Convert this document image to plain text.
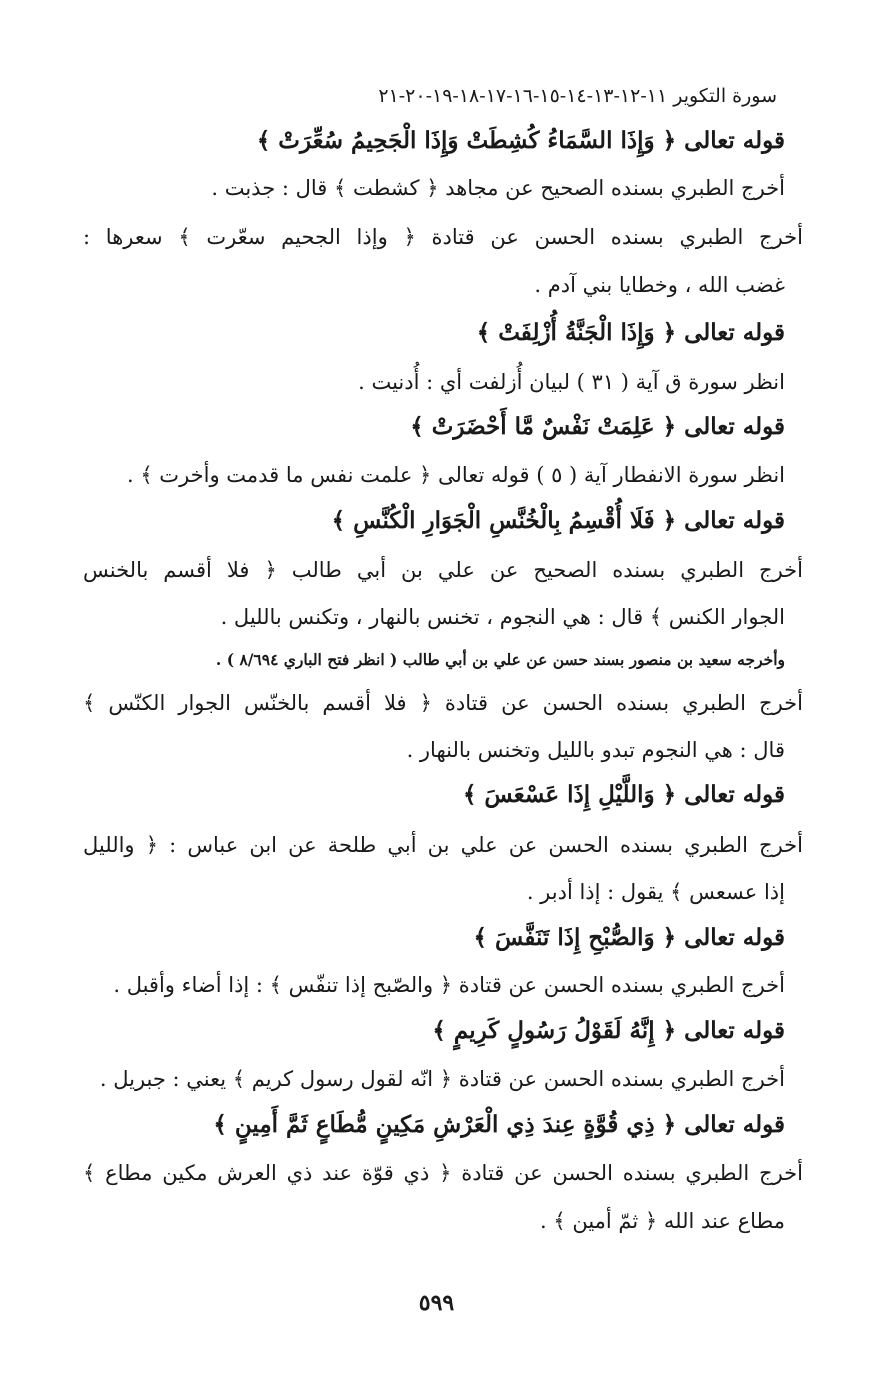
سورة التكوير ١١-١٢-١٣-١٤-١٥-١٦-١٧-١٨-١٩-٢٠-٢١
قوله تعالى ﴿ وَإِذَا السَّمَاءُ كُشِطَتْ وَإِذَا الْجَحِيمُ سُعِّرَتْ ﴾
أخرج الطبري بسنده الصحيح عن مجاهد ﴿ كشطت ﴾ قال : جذبت .
أخرج الطبري بسنده الحسن عن قتادة ﴿ وإذا الجحيم سعّرت ﴾ سعرها :
غضب الله ، وخطايا بني آدم .
قوله تعالى ﴿ وَإِذَا الْجَنَّةُ أُزْلِفَتْ ﴾
انظر سورة ق آية ( ٣١ ) لبيان أُزلفت أي : أُدنيت .
قوله تعالى ﴿ عَلِمَتْ نَفْسٌ مَّا أَحْضَرَتْ ﴾
انظر سورة الانفطار آية ( ٥ ) قوله تعالى ﴿ علمت نفس ما قدمت وأخرت ﴾ .
قوله تعالى ﴿ فَلَا أُقْسِمُ بِالْخُنَّسِ الْجَوَارِ الْكُنَّسِ ﴾
أخرج الطبري بسنده الصحيح عن علي بن أبي طالب ﴿ فلا أقسم بالخنس
الجوار الكنس ﴾ قال : هي النجوم ، تخنس بالنهار ، وتكنس بالليل .
وأخرجه سعيد بن منصور بسند حسن عن علي بن أبي طالب ( انظر فتح الباري ٨/٦٩٤ ) .
أخرج الطبري بسنده الحسن عن قتادة ﴿ فلا أقسم بالخنّس الجوار الكنّس ﴾
قال : هي النجوم تبدو بالليل وتخنس بالنهار .
قوله تعالى ﴿ وَاللَّيْلِ إِذَا عَسْعَسَ ﴾
أخرج الطبري بسنده الحسن عن علي بن أبي طلحة عن ابن عباس : ﴿ والليل
إذا عسعس ﴾ يقول : إذا أدبر .
قوله تعالى ﴿ وَالصُّبْحِ إِذَا تَنَفَّسَ ﴾
أخرج الطبري بسنده الحسن عن قتادة ﴿ والصّبح إذا تنفّس ﴾ : إذا أضاء وأقبل .
قوله تعالى ﴿ إِنَّهُ لَقَوْلُ رَسُولٍ كَرِيمٍ ﴾
أخرج الطبري بسنده الحسن عن قتادة ﴿ انّه لقول رسول كريم ﴾ يعني : جبريل .
قوله تعالى ﴿ ذِي قُوَّةٍ عِندَ ذِي الْعَرْشِ مَكِينٍ مُّطَاعٍ ثَمَّ أَمِينٍ ﴾
أخرج الطبري بسنده الحسن عن قتادة ﴿ ذي قوّة عند ذي العرش مكين مطاع ﴾
مطاع عند الله ﴿ ثمّ أمين ﴾ .
٥٩٩
